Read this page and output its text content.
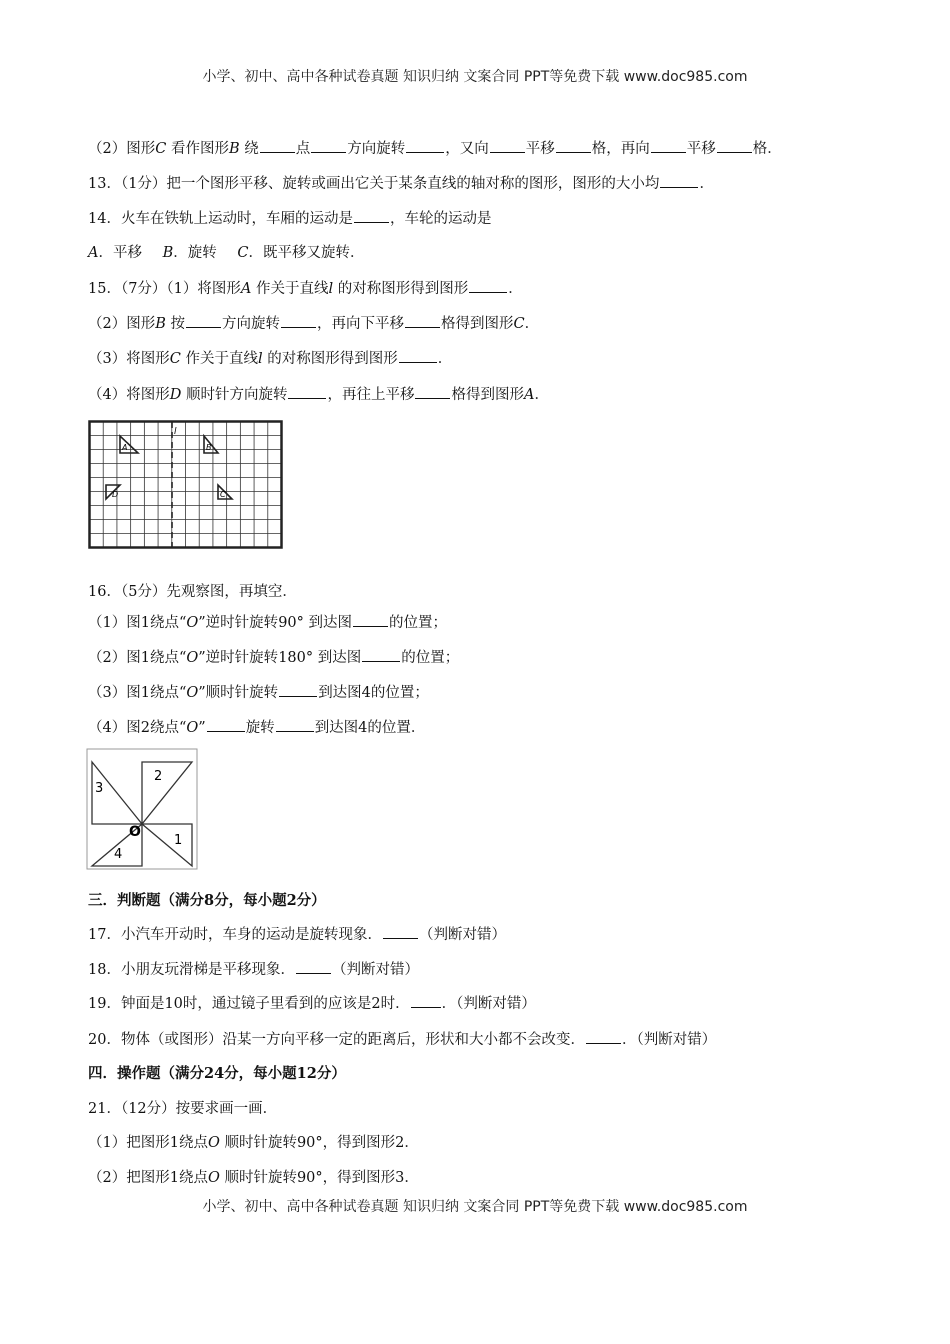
小学、初中、高中各种试卷真题 知识归纳 文案合同 PPT等免费下载 www.doc985.com
（2）图形C 看作图形B 绕	点	方向旋转	，又向	平移	格，再向	平移	格．
13．（1分）把一个图形平移、旋转或画出它关于某条直线的轴对称的图形，图形的大小均	．
14．火车在铁轨上运动时，车厢的运动是	，车轮的运动是
A．平移 B．旋转 C．既平移又旋转．
15．（7分）（1）将图形A 作关于直线l 的对称图形得到图形	．
（2）图形B 按	方向旋转	，再向下平移	格得到图形C．
（3）将图形C 作关于直线l 的对称图形得到图形	．
（4）将图形D 顺时针方向旋转	，再往上平移	格得到图形A．
l
A	B
D	C
16．（5分）先观察图，再填空．
（1）图1绕点“O”逆时针旋转90° 到达图	的位置；
（2）图1绕点“O”逆时针旋转180° 到达图	的位置；
（3）图1绕点“O”顺时针旋转	到达图4的位置；
（4）图2绕点“O”	旋转	到达图4的位置．
3
2
1
4
O
三．判断题（满分8分，每小题2分）
17．小汽车开动时，车身的运动是旋转现象．	（判断对错）
18．小朋友玩滑梯是平移现象．	（判断对错）
19．钟面是10时，通过镜子里看到的应该是2时． ．（判断对错）
20．物体（或图形）沿某一方向平移一定的距离后，形状和大小都不会改变．	．（判断对错）
四．操作题（满分24分，每小题12分）
21．（12分）按要求画一画．
（1）把图形1绕点O 顺时针旋转90°，得到图形2．
（2）把图形1绕点O 顺时针旋转90°，得到图形3．
小学、初中、高中各种试卷真题 知识归纳 文案合同 PPT等免费下载 www.doc985.com
